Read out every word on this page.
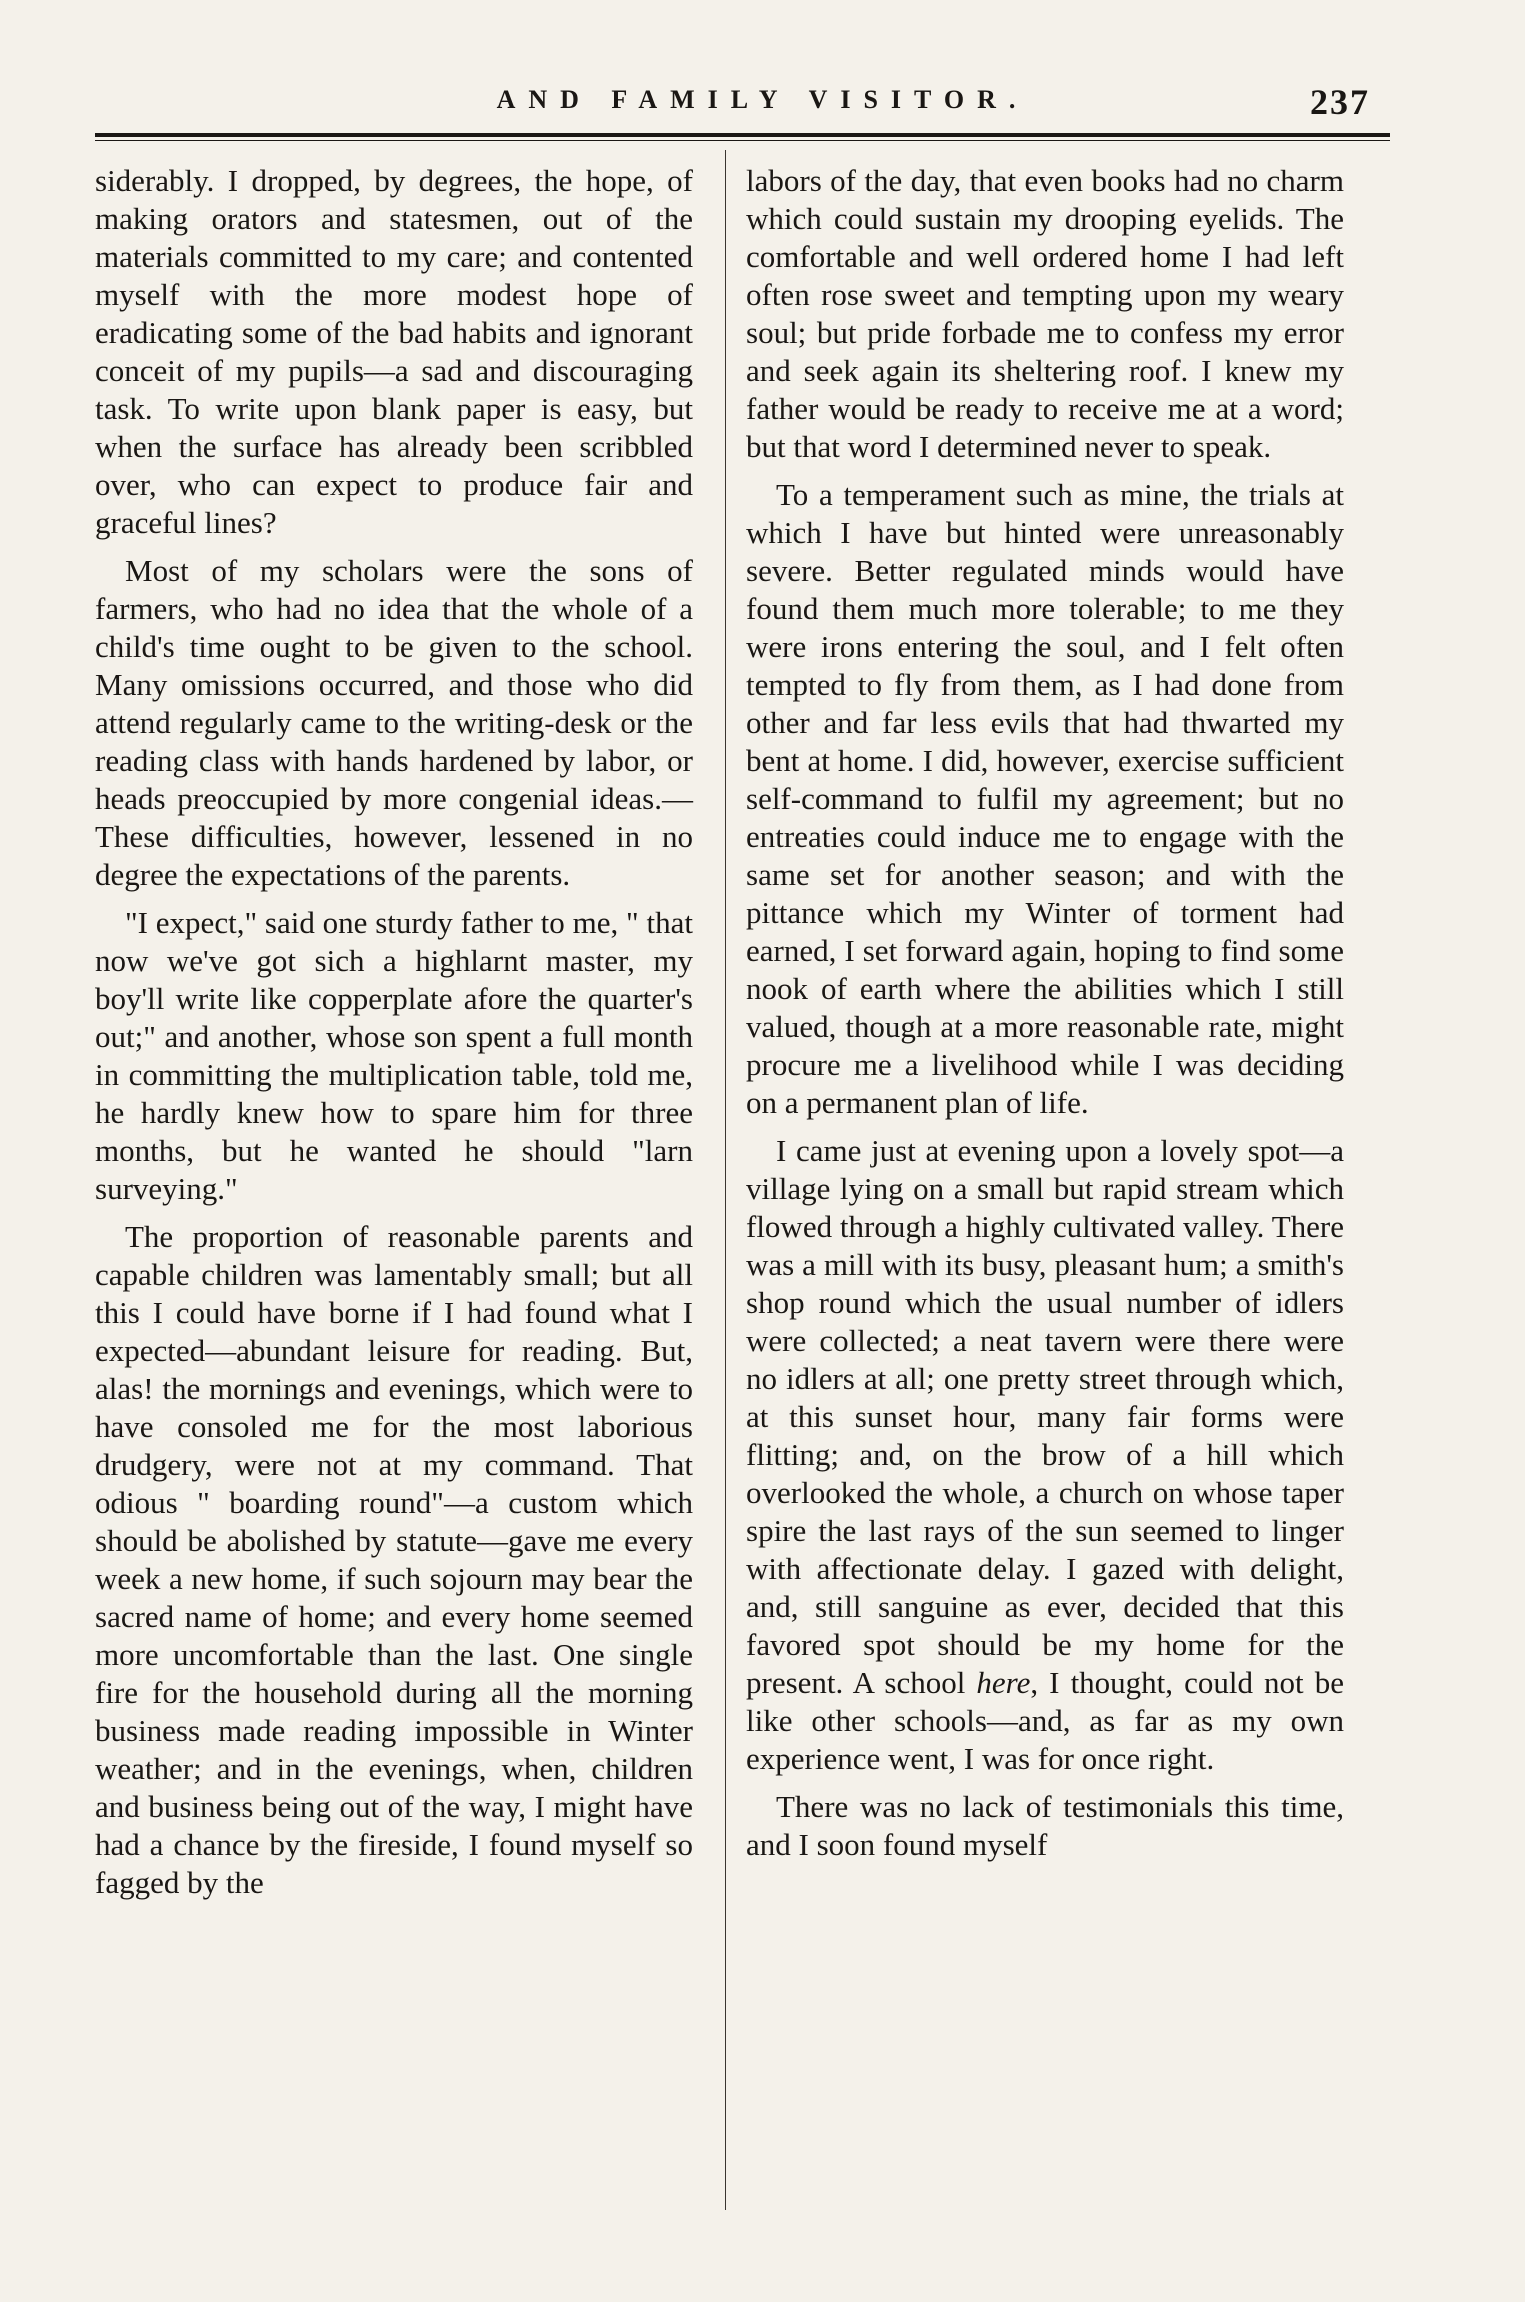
AND FAMILY VISITOR.	237

siderably. I dropped, by degrees, the hope, of making orators and statesmen, out of the materials committed to my care; and contented myself with the more modest hope of eradicating some of the bad habits and ignorant conceit of my pupils—a sad and discouraging task. To write upon blank paper is easy, but when the surface has already been scribbled over, who can expect to produce fair and graceful lines?

Most of my scholars were the sons of farmers, who had no idea that the whole of a child's time ought to be given to the school. Many omissions occurred, and those who did attend regularly came to the writing-desk or the reading class with hands hardened by labor, or heads preoccupied by more congenial ideas.—These difficulties, however, lessened in no degree the expectations of the parents.

"I expect," said one sturdy father to me, " that now we've got sich a highlarnt master, my boy'll write like copperplate afore the quarter's out;" and another, whose son spent a full month in committing the multiplication table, told me, he hardly knew how to spare him for three months, but he wanted he should "larn surveying."

The proportion of reasonable parents and capable children was lamentably small; but all this I could have borne if I had found what I expected—abundant leisure for reading. But, alas! the mornings and evenings, which were to have consoled me for the most laborious drudgery, were not at my command. That odious " boarding round"—a custom which should be abolished by statute—gave me every week a new home, if such sojourn may bear the sacred name of home; and every home seemed more uncomfortable than the last. One single fire for the household during all the morning business made reading impossible in Winter weather; and in the evenings, when, children and business being out of the way, I might have had a chance by the fireside, I found myself so fagged by the

labors of the day, that even books had no charm which could sustain my drooping eyelids. The comfortable and well ordered home I had left often rose sweet and tempting upon my weary soul; but pride forbade me to confess my error and seek again its sheltering roof. I knew my father would be ready to receive me at a word; but that word I determined never to speak.

To a temperament such as mine, the trials at which I have but hinted were unreasonably severe. Better regulated minds would have found them much more tolerable; to me they were irons entering the soul, and I felt often tempted to fly from them, as I had done from other and far less evils that had thwarted my bent at home. I did, however, exercise sufficient self-command to fulfil my agreement; but no entreaties could induce me to engage with the same set for another season; and with the pittance which my Winter of torment had earned, I set forward again, hoping to find some nook of earth where the abilities which I still valued, though at a more reasonable rate, might procure me a livelihood while I was deciding on a permanent plan of life.

I came just at evening upon a lovely spot—a village lying on a small but rapid stream which flowed through a highly cultivated valley. There was a mill with its busy, pleasant hum; a smith's shop round which the usual number of idlers were collected; a neat tavern were there were no idlers at all; one pretty street through which, at this sunset hour, many fair forms were flitting; and, on the brow of a hill which overlooked the whole, a church on whose taper spire the last rays of the sun seemed to linger with affectionate delay. I gazed with delight, and, still sanguine as ever, decided that this favored spot should be my home for the present. A school here, I thought, could not be like other schools—and, as far as my own experience went, I was for once right.

There was no lack of testimonials this time, and I soon found myself
